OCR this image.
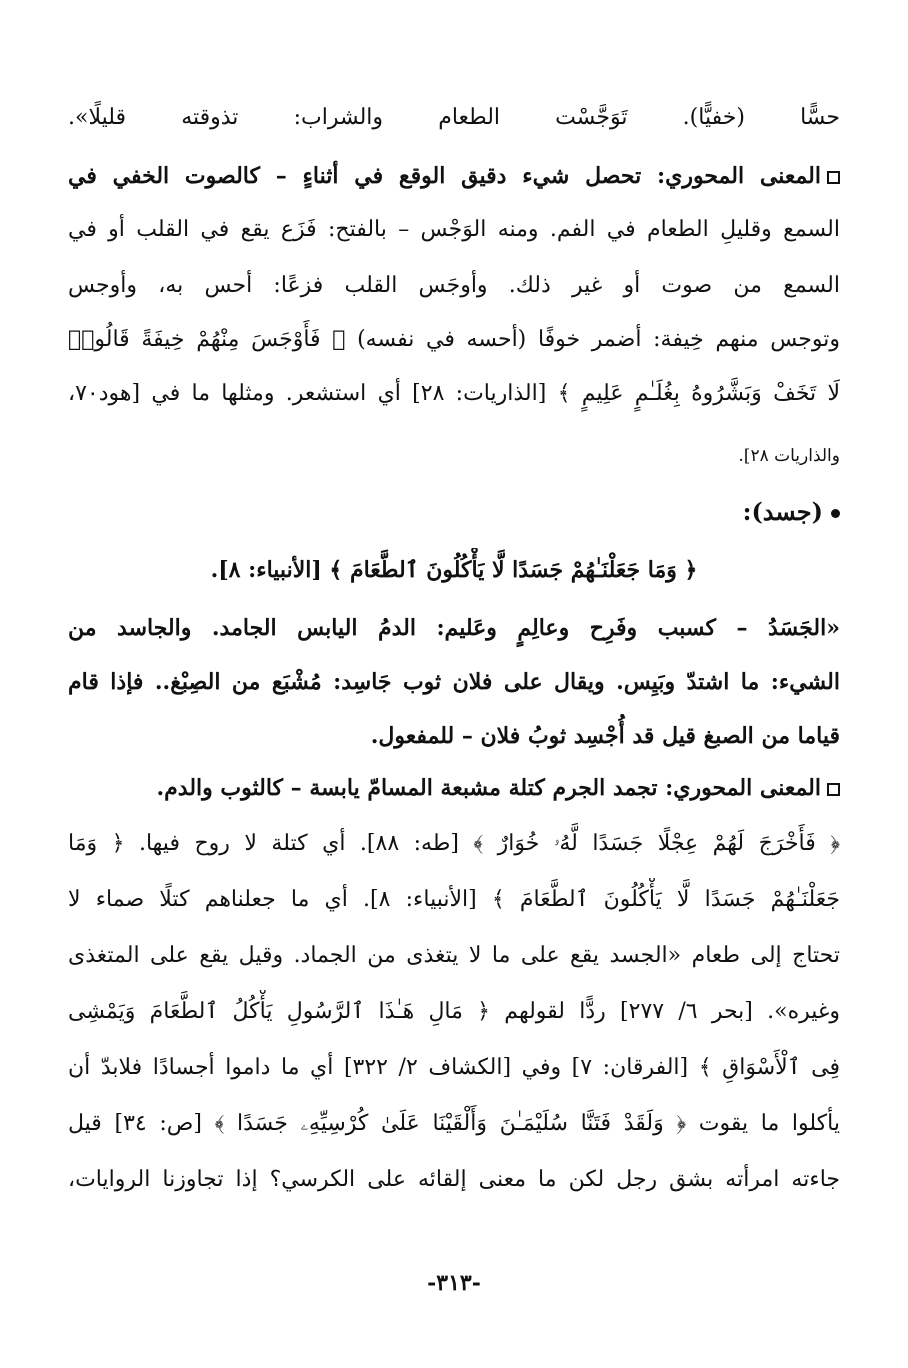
حسًّا (خفيًّا). تَوَجَّسْت الطعام والشراب: تذوقته قليلًا».
المعنى المحوري: تحصل شيء دقيق الوقع في أثناءٍ – كالصوت الخفي في
السمع وقليلِ الطعام في الفم. ومنه الوَجْس – بالفتح: فَزَع يقع في القلب أو في
السمع من صوت أو غير ذلك. وأوجَس القلب فزعًا: أحس به، وأوجس
وتوجس منهم خِيفة: أضمر خوفًا (أحسه في نفسه) ﴿ فَأَوْجَسَ مِنْهُمْ خِيفَةً قَالُوا۟
لَا تَخَفْ وَبَشَّرُوهُ بِغُلَـٰمٍ عَلِيمٍ ﴾ [الذاريات: ٢٨] أي استشعر. ومثلها ما في [هود٧٠،
والذاريات ٢٨].
(جسد):
﴿ وَمَا جَعَلْنَـٰهُمْ جَسَدًا لَّا يَأْكُلُونَ ٱلطَّعَامَ ﴾ [الأنبياء: ٨].
«الجَسَدُ – كسبب وفَرِح وعالِمٍ وعَليم: الدمُ اليابس الجامد. والجاسد من
الشيء: ما اشتدّ وبَيِس. ويقال على فلان ثوب جَاسِد: مُشْبَع من الصِبْغ.. فإذا قام
قياما من الصبغ قيل قد أُجْسِد ثوبُ فلان – للمفعول.
المعنى المحوري: تجمد الجرم كتلة مشبعة المسامّ يابسة – كالثوب والدم.
﴿ فَأَخْرَجَ لَهُمْ عِجْلًا جَسَدًا لَّهُۥ خُوَارٌ ﴾ [طه: ٨٨]. أي كتلة لا روح فيها. ﴿ وَمَا
جَعَلْنَـٰهُمْ جَسَدًا لَّا يَأْكُلُونَ ٱلطَّعَامَ ﴾ [الأنبياء: ٨]. أي ما جعلناهم كتلًا صماء لا
تحتاج إلى طعام «الجسد يقع على ما لا يتغذى من الجماد. وقيل يقع على المتغذى
وغيره». [بحر ٦/ ٢٧٧] ردًّا لقولهم ﴿ مَالِ هَـٰذَا ٱلرَّسُولِ يَأْكُلُ ٱلطَّعَامَ وَيَمْشِى
فِى ٱلْأَسْوَاقِ ﴾ [الفرقان: ٧] وفي [الكشاف ٢/ ٣٢٢] أي ما داموا أجسادًا فلابدّ أن
يأكلوا ما يقوت ﴿ وَلَقَدْ فَتَنَّا سُلَيْمَـٰنَ وَأَلْقَيْنَا عَلَىٰ كُرْسِيِّهِۦ جَسَدًا ﴾ [ص: ٣٤] قيل
جاءته امرأته بشق رجل لكن ما معنى إلقائه على الكرسي؟ إذا تجاوزنا الروايات،
-٣١٣-
